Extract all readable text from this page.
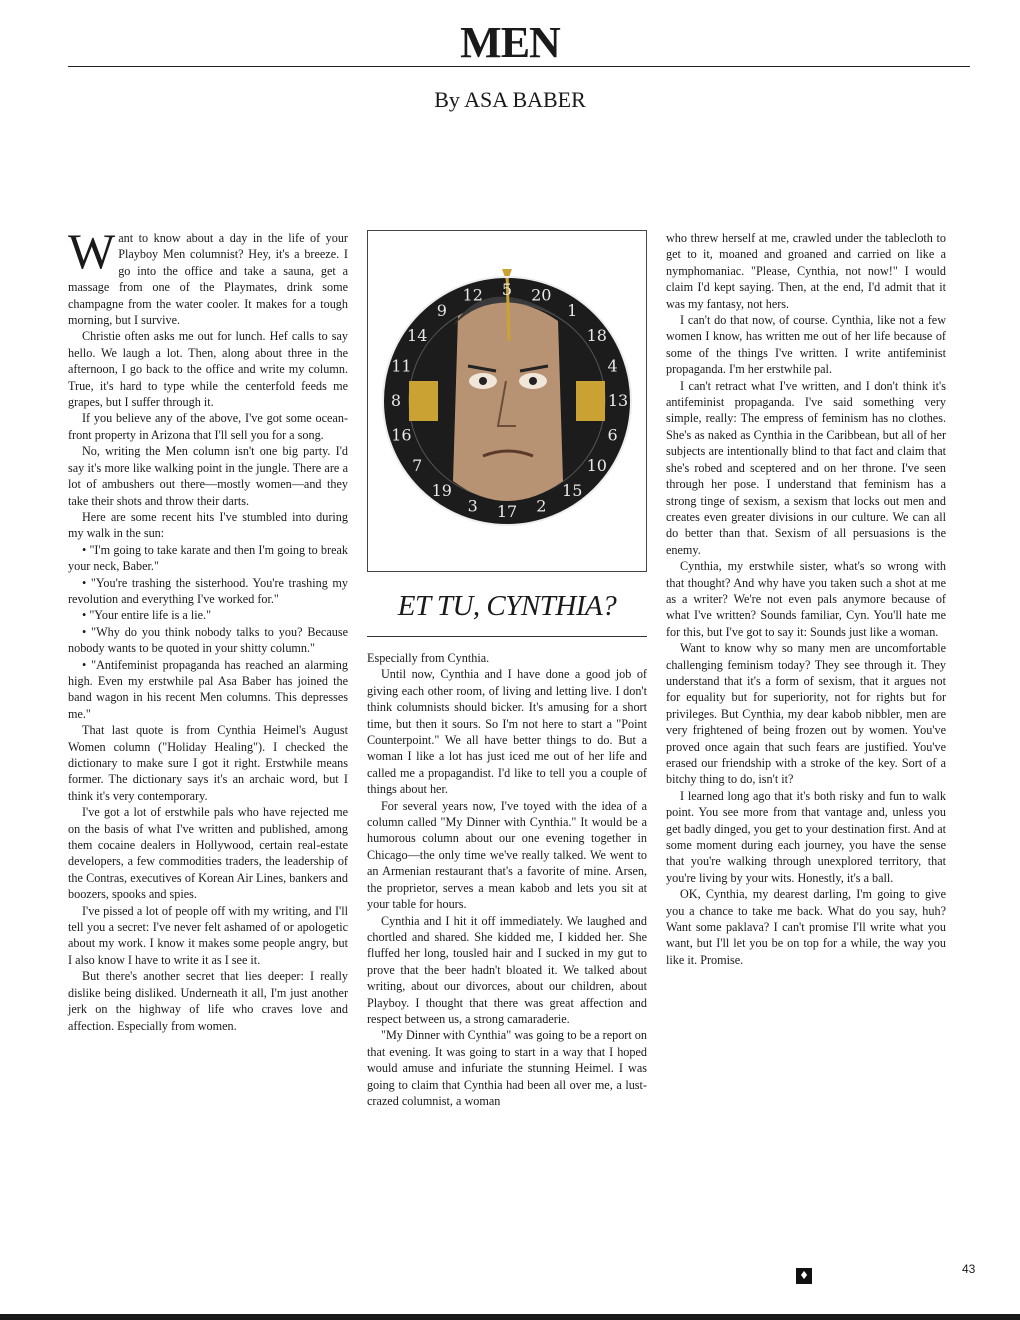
MEN
By ASA BABER

Want to know about a day in the life of your Playboy Men columnist? Hey, it's a breeze. I go into the office and take a sauna, get a massage from one of the Playmates, drink some champagne from the water cooler. It makes for a tough morning, but I survive.

Christie often asks me out for lunch. Hef calls to say hello. We laugh a lot. Then, along about three in the afternoon, I go back to the office and write my column. True, it's hard to type while the centerfold feeds me grapes, but I suffer through it.

If you believe any of the above, I've got some ocean-front property in Arizona that I'll sell you for a song.

No, writing the Men column isn't one big party. I'd say it's more like walking point in the jungle. There are a lot of ambushers out there—mostly women—and they take their shots and throw their darts.

Here are some recent hits I've stumbled into during my walk in the sun:

• "I'm going to take karate and then I'm going to break your neck, Baber."

• "You're trashing the sisterhood. You're trashing my revolution and everything I've worked for."

• "Your entire life is a lie."

• "Why do you think nobody talks to you? Because nobody wants to be quoted in your shitty column."

• "Antifeminist propaganda has reached an alarming high. Even my erstwhile pal Asa Baber has joined the band wagon in his recent Men columns. This depresses me."

That last quote is from Cynthia Heimel's August Women column ("Holiday Healing"). I checked the dictionary to make sure I got it right. Erstwhile means former. The dictionary says it's an archaic word, but I think it's very contemporary.

I've got a lot of erstwhile pals who have rejected me on the basis of what I've written and published, among them cocaine dealers in Hollywood, certain real-estate developers, a few commodities traders, the leadership of the Contras, executives of Korean Air Lines, bankers and boozers, spooks and spies.

I've pissed a lot of people off with my writing, and I'll tell you a secret: I've never felt ashamed of or apologetic about my work. I know it makes some people angry, but I also know I have to write it as I see it.

But there's another secret that lies deeper: I really dislike being disliked. Underneath it all, I'm just another jerk on the highway of life who craves love and affection. Especially from women.

5 20
1
18
4
13
6
10
15
2
17
3
19
7
16
8
11
14
9
12
ET TU, CYNTHIA?

Especially from Cynthia.

Until now, Cynthia and I have done a good job of giving each other room, of living and letting live. I don't think columnists should bicker. It's amusing for a short time, but then it sours. So I'm not here to start a "Point Counterpoint." We all have better things to do. But a woman I like a lot has just iced me out of her life and called me a propagandist. I'd like to tell you a couple of things about her.

For several years now, I've toyed with the idea of a column called "My Dinner with Cynthia." It would be a humorous column about our one evening together in Chicago—the only time we've really talked. We went to an Armenian restaurant that's a favorite of mine. Arsen, the proprietor, serves a mean kabob and lets you sit at your table for hours.

Cynthia and I hit it off immediately. We laughed and chortled and shared. She kidded me, I kidded her. She fluffed her long, tousled hair and I sucked in my gut to prove that the beer hadn't bloated it. We talked about writing, about our divorces, about our children, about Playboy. I thought that there was great affection and respect between us, a strong camaraderie.

"My Dinner with Cynthia" was going to be a report on that evening. It was going to start in a way that I hoped would amuse and infuriate the stunning Heimel. I was going to claim that Cynthia had been all over me, a lust-crazed columnist, a woman

who threw herself at me, crawled under the tablecloth to get to it, moaned and groaned and carried on like a nymphomaniac. "Please, Cynthia, not now!" I would claim I'd kept saying. Then, at the end, I'd admit that it was my fantasy, not hers.

I can't do that now, of course. Cynthia, like not a few women I know, has written me out of her life because of some of the things I've written. I write antifeminist propaganda. I'm her erstwhile pal.

I can't retract what I've written, and I don't think it's antifeminist propaganda. I've said something very simple, really: The empress of feminism has no clothes. She's as naked as Cynthia in the Caribbean, but all of her subjects are intentionally blind to that fact and claim that she's robed and sceptered and on her throne. I've seen through her pose. I understand that feminism has a strong tinge of sexism, a sexism that locks out men and creates even greater divisions in our culture. We can all do better than that. Sexism of all persuasions is the enemy.

Cynthia, my erstwhile sister, what's so wrong with that thought? And why have you taken such a shot at me as a writer? We're not even pals anymore because of what I've written? Sounds familiar, Cyn. You'll hate me for this, but I've got to say it: Sounds just like a woman.

Want to know why so many men are uncomfortable challenging feminism today? They see through it. They understand that it's a form of sexism, that it argues not for equality but for superiority, not for rights but for privileges. But Cynthia, my dear kabob nibbler, men are very frightened of being frozen out by women. You've proved once again that such fears are justified. You've erased our friendship with a stroke of the key. Sort of a bitchy thing to do, isn't it?

I learned long ago that it's both risky and fun to walk point. You see more from that vantage and, unless you get badly dinged, you get to your destination first. And at some moment during each journey, you have the sense that you're walking through unexplored territory, that you're living by your wits. Honestly, it's a ball.

OK, Cynthia, my dearest darling, I'm going to give you a chance to take me back. What do you say, huh? Want some paklava? I can't promise I'll write what you want, but I'll let you be on top for a while, the way you like it. Promise.

♦	43
